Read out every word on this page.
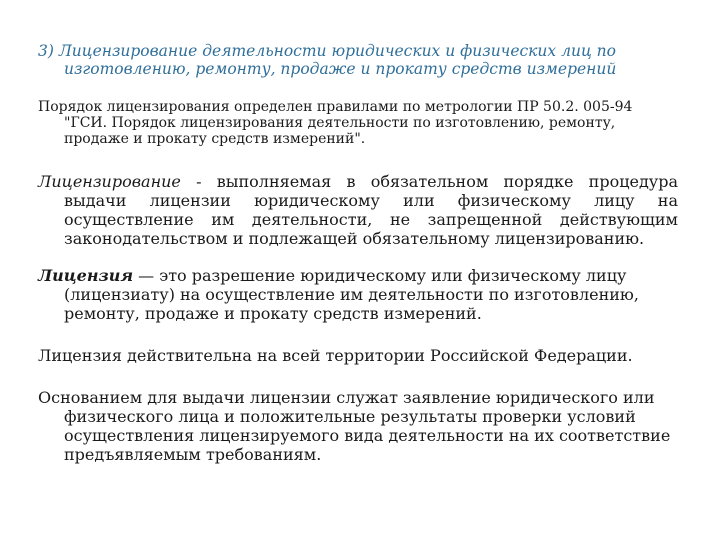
3) Лицензирование деятельности юридических и физических лиц по изготовлению, ремонту, продаже и прокату средств измерений

Порядок лицензирования определен правилами по метрологии ПР 50.2. 005-94 "ГСИ. Порядок лицензирования деятельности по изготовлению, ремонту, продаже и прокату средств измерений".

Лицензирование - выполняемая в обязательном порядке процедура выдачи лицензии юридическому или физическому лицу на осуществление им деятельности, не запрещенной действующим законодательством и подлежащей обязательному лицензированию.

Лицензия — это разрешение юридическому или физическому лицу (лицензиату) на осуществление им деятельности по изготовлению, ремонту, продаже и прокату средств измерений.

Лицензия действительна на всей территории Российской Федерации.

Основанием для выдачи лицензии служат заявление юридического или физического лица и положительные результаты проверки условий осуществления лицензируемого вида деятельности на их соответствие предъявляемым требованиям.
